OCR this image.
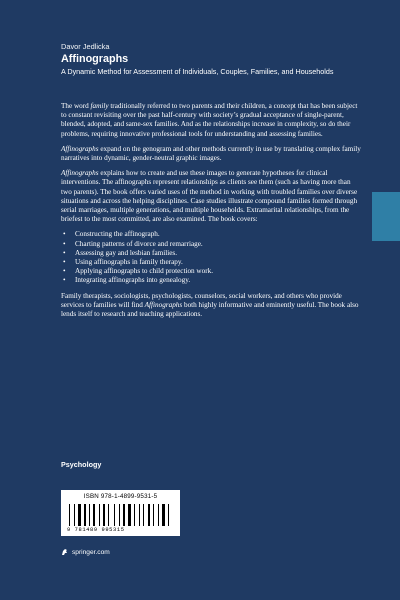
Davor Jedlicka
Affinographs
A Dynamic Method for Assessment of Individuals, Couples, Families, and Households

The word family traditionally referred to two parents and their children, a concept that has been subject to constant revisiting over the past half-century with society’s gradual acceptance of single-parent, blended, adopted, and same-sex families. And as the relationships increase in complexity, so do their problems, requiring innovative professional tools for understanding and assessing families.

Affinographs expand on the genogram and other methods currently in use by translating complex family narratives into dynamic, gender-neutral graphic images.

Affinographs explains how to create and use these images to generate hypotheses for clinical interventions. The affinographs represent relationships as clients see them (such as having more than two parents). The book offers varied uses of the method in working with troubled families over diverse situations and across the helping disciplines. Case studies illustrate compound families formed through serial marriages, multiple generations, and multiple households. Extramarital relationships, from the briefest to the most committed, are also examined. The book covers:

• Constructing the affinograph.
• Charting patterns of divorce and remarriage.
• Assessing gay and lesbian families.
• Using affinographs in family therapy.
• Applying affinographs to child protection work.
• Integrating affinographs into genealogy.

Family therapists, sociologists, psychologists, counselors, social workers, and others who provide services to families will find Affinographs both highly informative and eminently useful. The book also lends itself to research and teaching applications.

Psychology
ISBN 978-1-4899-9531-5
9 781489 995315
springer.com
